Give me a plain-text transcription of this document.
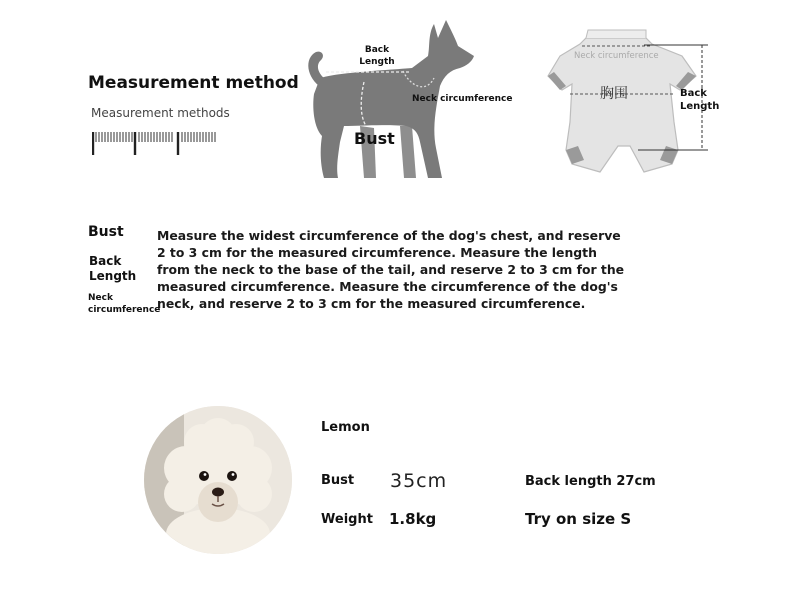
Measurement method
Measurement methods
Back
Length
Neck circumference
Bust
Neck circumference
胸围	Back
Length
Bust
Back
Length
Neck
circumference
Measure the widest circumference of the dog's chest, and reserve 2 to 3 cm for the measured circumference. Measure the length from the neck to the base of the tail, and reserve 2 to 3 cm for the measured circumference. Measure the circumference of the dog's neck, and reserve 2 to 3 cm for the measured circumference.
Lemon
Bust 35cm	Back length 27cm
Weight 1.8kg	Try on size S
